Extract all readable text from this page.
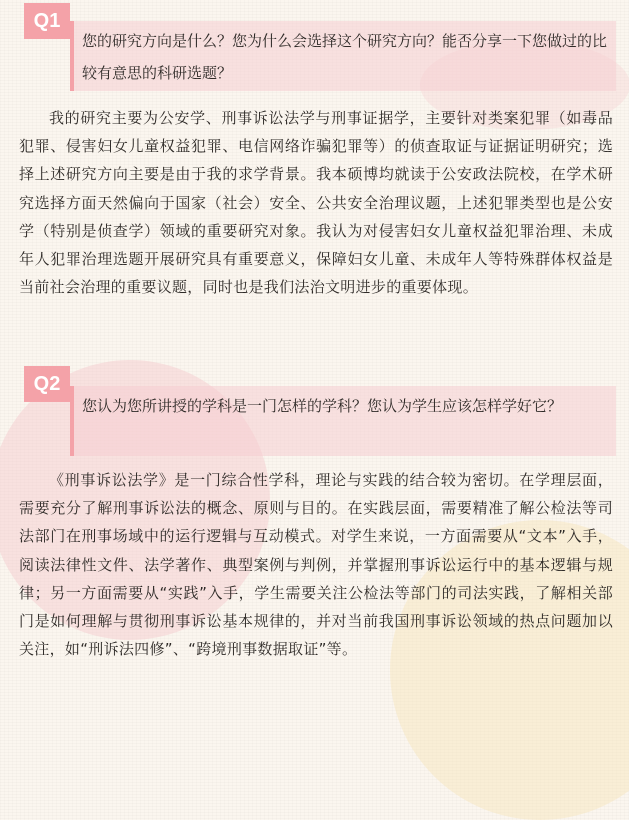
Q1
您的研究方向是什么？您为什么会选择这个研究方向？能否分享一下您做过的比较有意思的科研选题？
我的研究主要为公安学、刑事诉讼法学与刑事证据学，主要针对类案犯罪（如毒品犯罪、侵害妇女儿童权益犯罪、电信网络诈骗犯罪等）的侦查取证与证据证明研究；选择上述研究方向主要是由于我的求学背景。我本硕博均就读于公安政法院校，在学术研究选择方面天然偏向于国家（社会）安全、公共安全治理议题，上述犯罪类型也是公安学（特别是侦查学）领域的重要研究对象。我认为对侵害妇女儿童权益犯罪治理、未成年人犯罪治理选题开展研究具有重要意义，保障妇女儿童、未成年人等特殊群体权益是当前社会治理的重要议题，同时也是我们法治文明进步的重要体现。
Q2
您认为您所讲授的学科是一门怎样的学科？您认为学生应该怎样学好它？
《刑事诉讼法学》是一门综合性学科，理论与实践的结合较为密切。在学理层面，需要充分了解刑事诉讼法的概念、原则与目的。在实践层面，需要精准了解公检法等司法部门在刑事场域中的运行逻辑与互动模式。对学生来说，一方面需要从“文本”入手，阅读法律性文件、法学著作、典型案例与判例，并掌握刑事诉讼运行中的基本逻辑与规律；另一方面需要从“实践”入手，学生需要关注公检法等部门的司法实践，了解相关部门是如何理解与贯彻刑事诉讼基本规律的，并对当前我国刑事诉讼领域的热点问题加以关注，如“刑诉法四修”、“跨境刑事数据取证”等。
